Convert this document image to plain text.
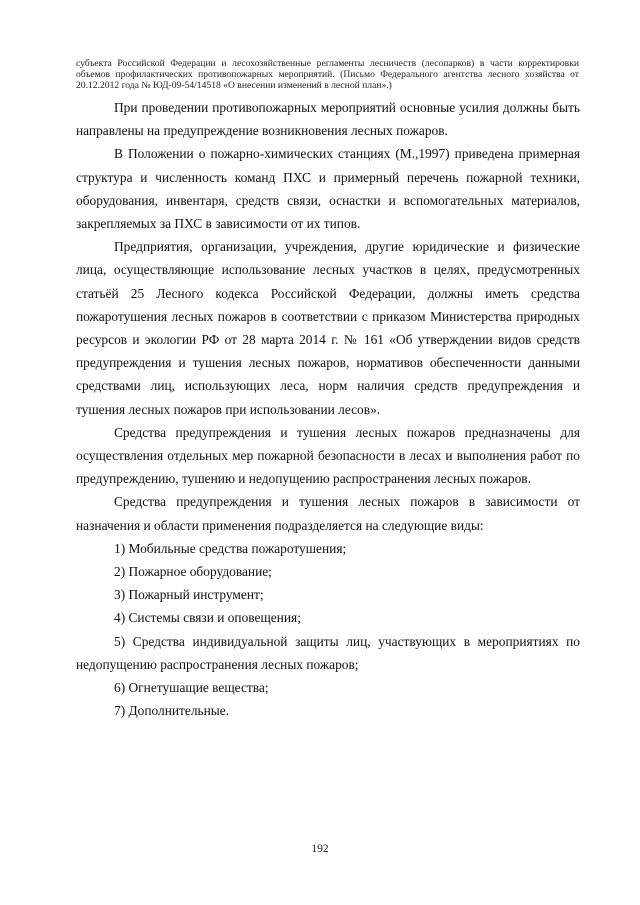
субъекта Российской Федерации и лесохозяйственные регламенты лесничеств (лесопарков) в части корректировки объемов профилактических противопожарных мероприятий. (Письмо Федерального агентства лесного хозяйства от 20.12.2012 года № ЮД-09-54/14518 «О внесении изменений в лесной план».)

При проведении противопожарных мероприятий основные усилия должны быть направлены на предупреждение возникновения лесных пожаров.

В Положении о пожарно-химических станциях (М.,1997) приведена примерная структура и численность команд ПХС и примерный перечень пожарной техники, оборудования, инвентаря, средств связи, оснастки и вспомогательных материалов, закрепляемых за ПХС в зависимости от их типов.

Предприятия, организации, учреждения, другие юридические и физические лица, осуществляющие использование лесных участков в целях, предусмотренных статьёй 25 Лесного кодекса Российской Федерации, должны иметь средства пожаротушения лесных пожаров в соответствии с приказом Министерства природных ресурсов и экологии РФ от 28 марта 2014 г. № 161 «Об утверждении видов средств предупреждения и тушения лесных пожаров, нормативов обеспеченности данными средствами лиц, использующих леса, норм наличия средств предупреждения и тушения лесных пожаров при использовании лесов».

Средства предупреждения и тушения лесных пожаров предназначены для осуществления отдельных мер пожарной безопасности в лесах и выполнения работ по предупреждению, тушению и недопущению распространения лесных пожаров.

Средства предупреждения и тушения лесных пожаров в зависимости от назначения и области применения подразделяется на следующие виды:

1) Мобильные средства пожаротушения;

2) Пожарное оборудование;

3) Пожарный инструмент;

4) Системы связи и оповещения;

5) Средства индивидуальной защиты лиц, участвующих в мероприятиях по недопущению распространения лесных пожаров;

6) Огнетушащие вещества;

7) Дополнительные.

192
